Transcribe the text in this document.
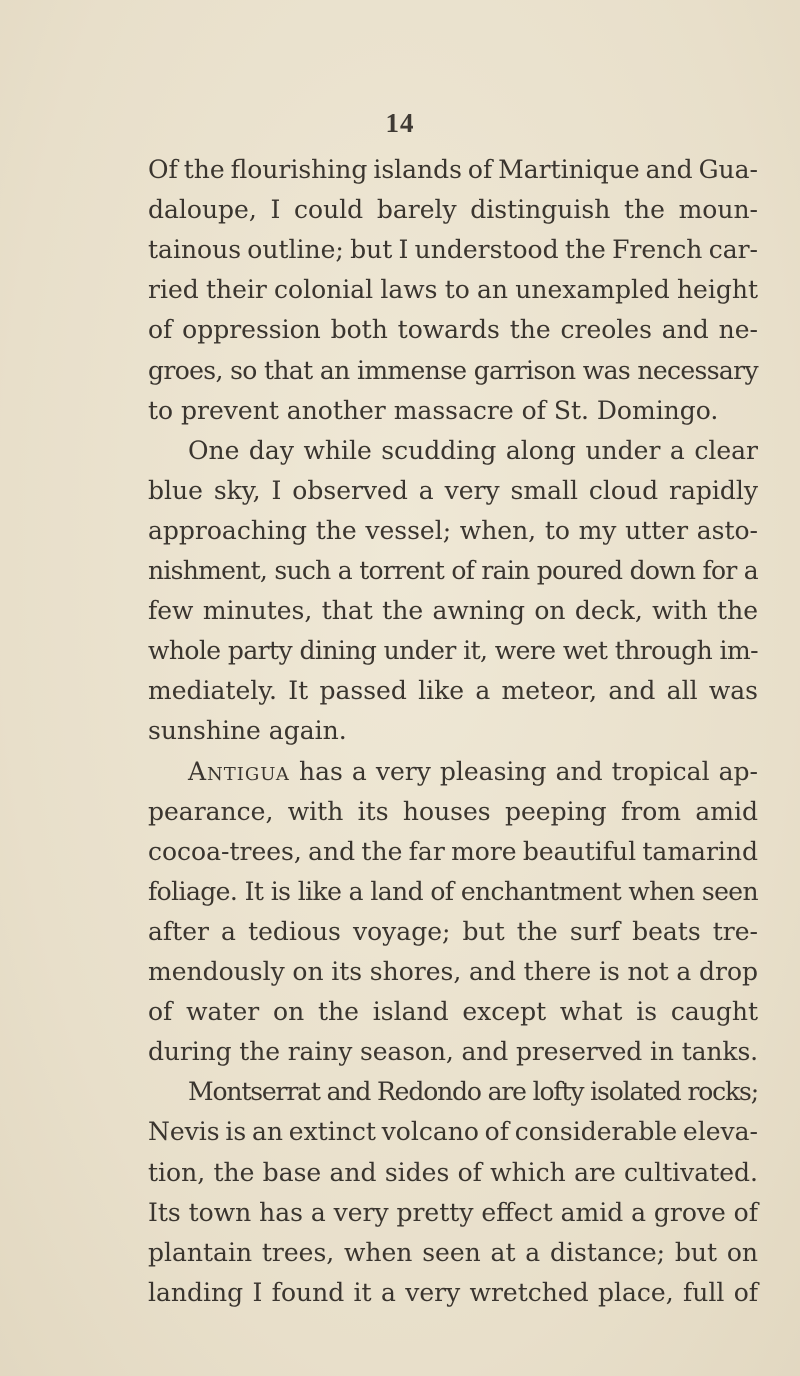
14
Of the flourishing islands of Martinique and Gua-
daloupe, I could barely distinguish the moun-
tainous outline; but I understood the French car-
ried their colonial laws to an unexampled height
of oppression both towards the creoles and ne-
groes, so that an immense garrison was necessary
to prevent another massacre of St. Domingo.
One day while scudding along under a clear
blue sky, I observed a very small cloud rapidly
approaching the vessel; when, to my utter asto-
nishment, such a torrent of rain poured down for a
few minutes, that the awning on deck, with the
whole party dining under it, were wet through im-
mediately. It passed like a meteor, and all was
sunshine again.
Antigua has a very pleasing and tropical ap-
pearance, with its houses peeping from amid
cocoa-trees, and the far more beautiful tamarind
foliage. It is like a land of enchantment when seen
after a tedious voyage; but the surf beats tre-
mendously on its shores, and there is not a drop
of water on the island except what is caught
during the rainy season, and preserved in tanks.
Montserrat and Redondo are lofty isolated rocks;
Nevis is an extinct volcano of considerable eleva-
tion, the base and sides of which are cultivated.
Its town has a very pretty effect amid a grove of
plantain trees, when seen at a distance; but on
landing I found it a very wretched place, full of
